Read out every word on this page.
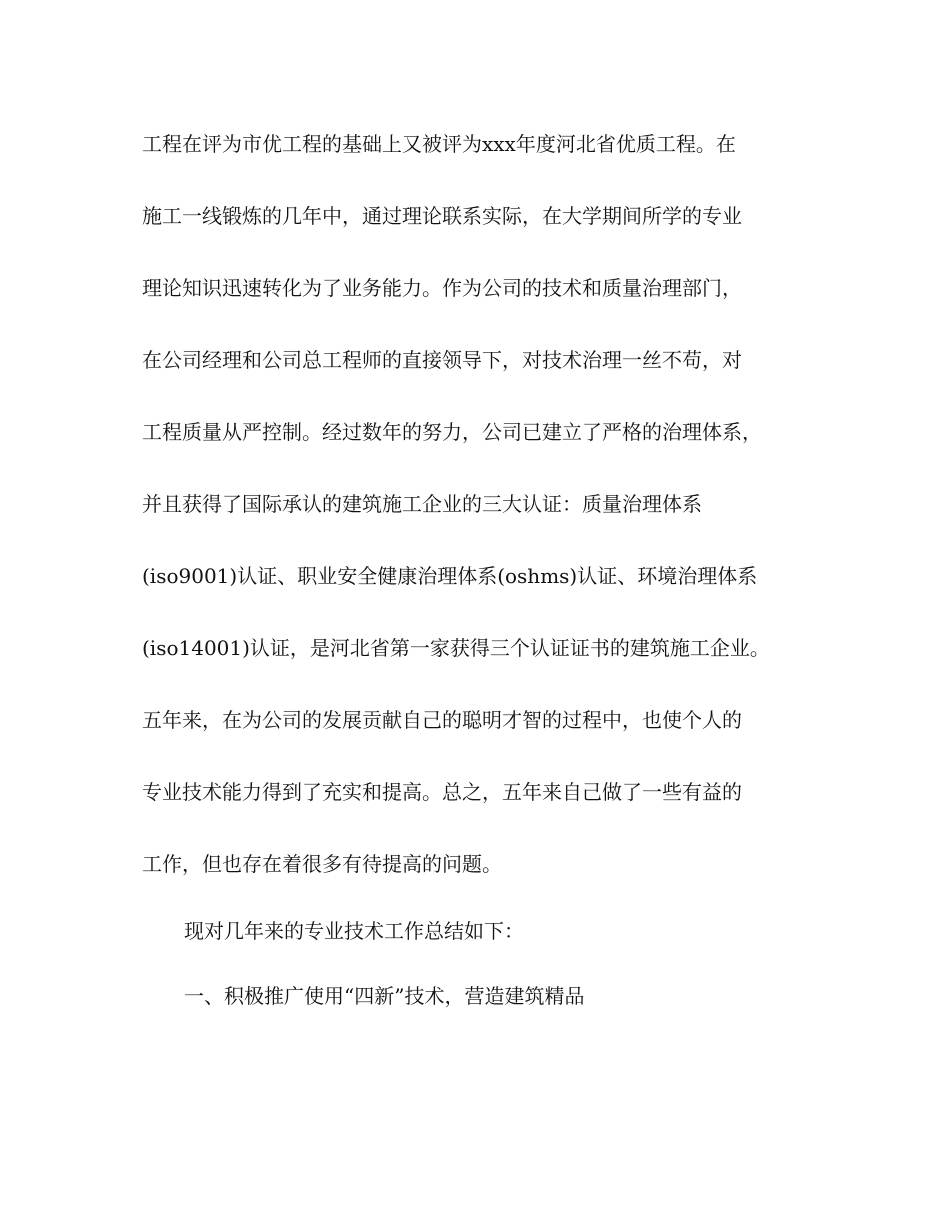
工程在评为市优工程的基础上又被评为xxx年度河北省优质工程。在
施工一线锻炼的几年中，通过理论联系实际，在大学期间所学的专业
理论知识迅速转化为了业务能力。作为公司的技术和质量治理部门，
在公司经理和公司总工程师的直接领导下，对技术治理一丝不苟，对
工程质量从严控制。经过数年的努力，公司已建立了严格的治理体系，
并且获得了国际承认的建筑施工企业的三大认证：质量治理体系
(iso9001)认证、职业安全健康治理体系(oshms)认证、环境治理体系
(iso14001)认证，是河北省第一家获得三个认证证书的建筑施工企业。
五年来，在为公司的发展贡献自己的聪明才智的过程中，也使个人的
专业技术能力得到了充实和提高。总之，五年来自己做了一些有益的
工作，但也存在着很多有待提高的问题。
现对几年来的专业技术工作总结如下：
一、积极推广使用“四新”技术，营造建筑精品
